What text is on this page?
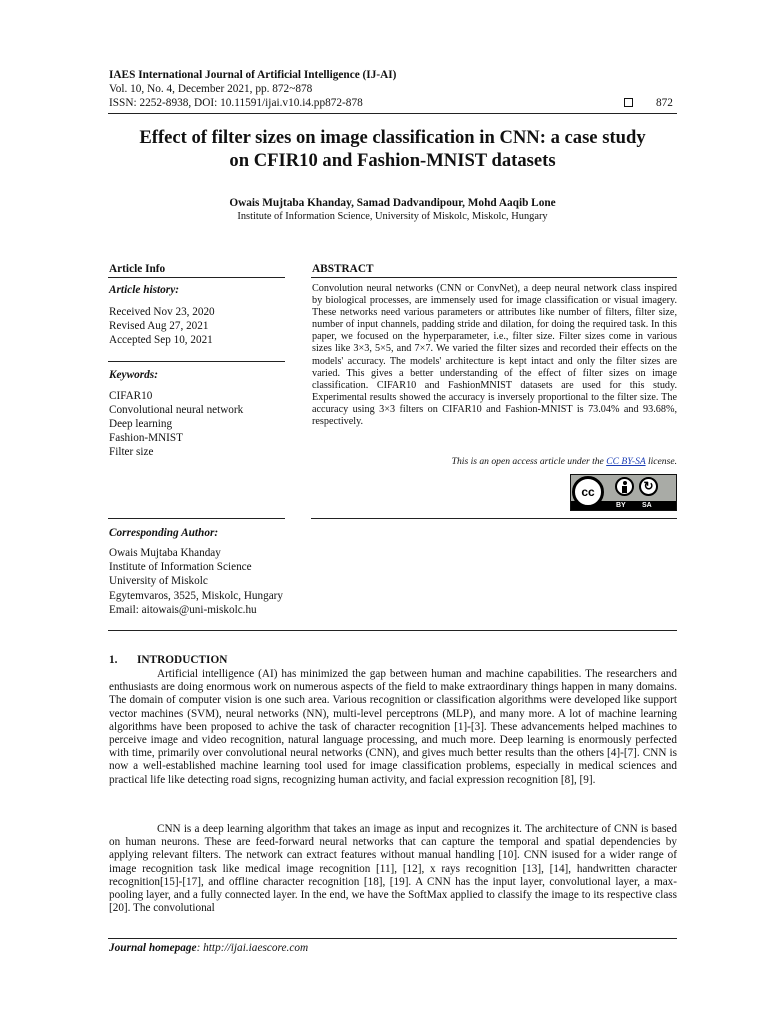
IAES International Journal of Artificial Intelligence (IJ-AI)
Vol. 10, No. 4, December 2021, pp. 872~878
ISSN: 2252-8938, DOI: 10.11591/ijai.v10.i4.pp872-878	872
Effect of filter sizes on image classification in CNN: a case study
on CFIR10 and Fashion-MNIST datasets
Owais Mujtaba Khanday, Samad Dadvandipour, Mohd Aaqib Lone
Institute of Information Science, University of Miskolc, Miskolc, Hungary
Article Info
Article history:
Received Nov 23, 2020
Revised Aug 27, 2021
Accepted Sep 10, 2021
Keywords:
CIFAR10
Convolutional neural network
Deep learning
Fashion-MNIST
Filter size
ABSTRACT
Convolution neural networks (CNN or ConvNet), a deep neural network class inspired by biological processes, are immensely used for image classification or visual imagery. These networks need various parameters or attributes like number of filters, filter size, number of input channels, padding stride and dilation, for doing the required task. In this paper, we focused on the hyperparameter, i.e., filter size. Filter sizes come in various sizes like 3×3, 5×5, and 7×7. We varied the filter sizes and recorded their effects on the models' accuracy. The models' architecture is kept intact and only the filter sizes are varied. This gives a better understanding of the effect of filter sizes on image classification. CIFAR10 and FashionMNIST datasets are used for this study. Experimental results showed the accuracy is inversely proportional to the filter size. The accuracy using 3×3 filters on CIFAR10 and Fashion-MNIST is 73.04% and 93.68%, respectively.
This is an open access article under the CC BY-SA license.
cc	↻
BY SA
Corresponding Author:
Owais Mujtaba Khanday
Institute of Information Science
University of Miskolc
Egytemvaros, 3525, Miskolc, Hungary
Email: aitowais@uni-miskolc.hu
1. INTRODUCTION
Artificial intelligence (AI) has minimized the gap between human and machine capabilities. The researchers and enthusiasts are doing enormous work on numerous aspects of the field to make extraordinary things happen in many domains. The domain of computer vision is one such area. Various recognition or classification algorithms were developed like support vector machines (SVM), neural networks (NN), multi-level perceptrons (MLP), and many more. A lot of machine learning algorithms have been proposed to achive the task of character recognition [1]-[3]. These advancements helped machines to perceive image and video recognition, natural language processing, and much more. Deep learning is enormously perfected with time, primarily over convolutional neural networks (CNN), and gives much better results than the others [4]-[7]. CNN is now a well-established machine learning tool used for image classification problems, especially in medical sciences and practical life like detecting road signs, recognizing human activity, and facial expression recognition [8], [9].
CNN is a deep learning algorithm that takes an image as input and recognizes it. The architecture of CNN is based on human neurons. These are feed-forward neural networks that can capture the temporal and spatial dependencies by applying relevant filters. The network can extract features without manual handling [10]. CNN isused for a wider range of image recognition task like medical image recognition [11], [12], x rays recognition [13], [14], handwritten character recognition[15]-[17], and offline character recognition [18], [19]. A CNN has the input layer, convolutional layer, a max-pooling layer, and a fully connected layer. In the end, we have the SoftMax applied to classify the image to its respective class [20]. The convolutional
Journal homepage: http://ijai.iaescore.com
